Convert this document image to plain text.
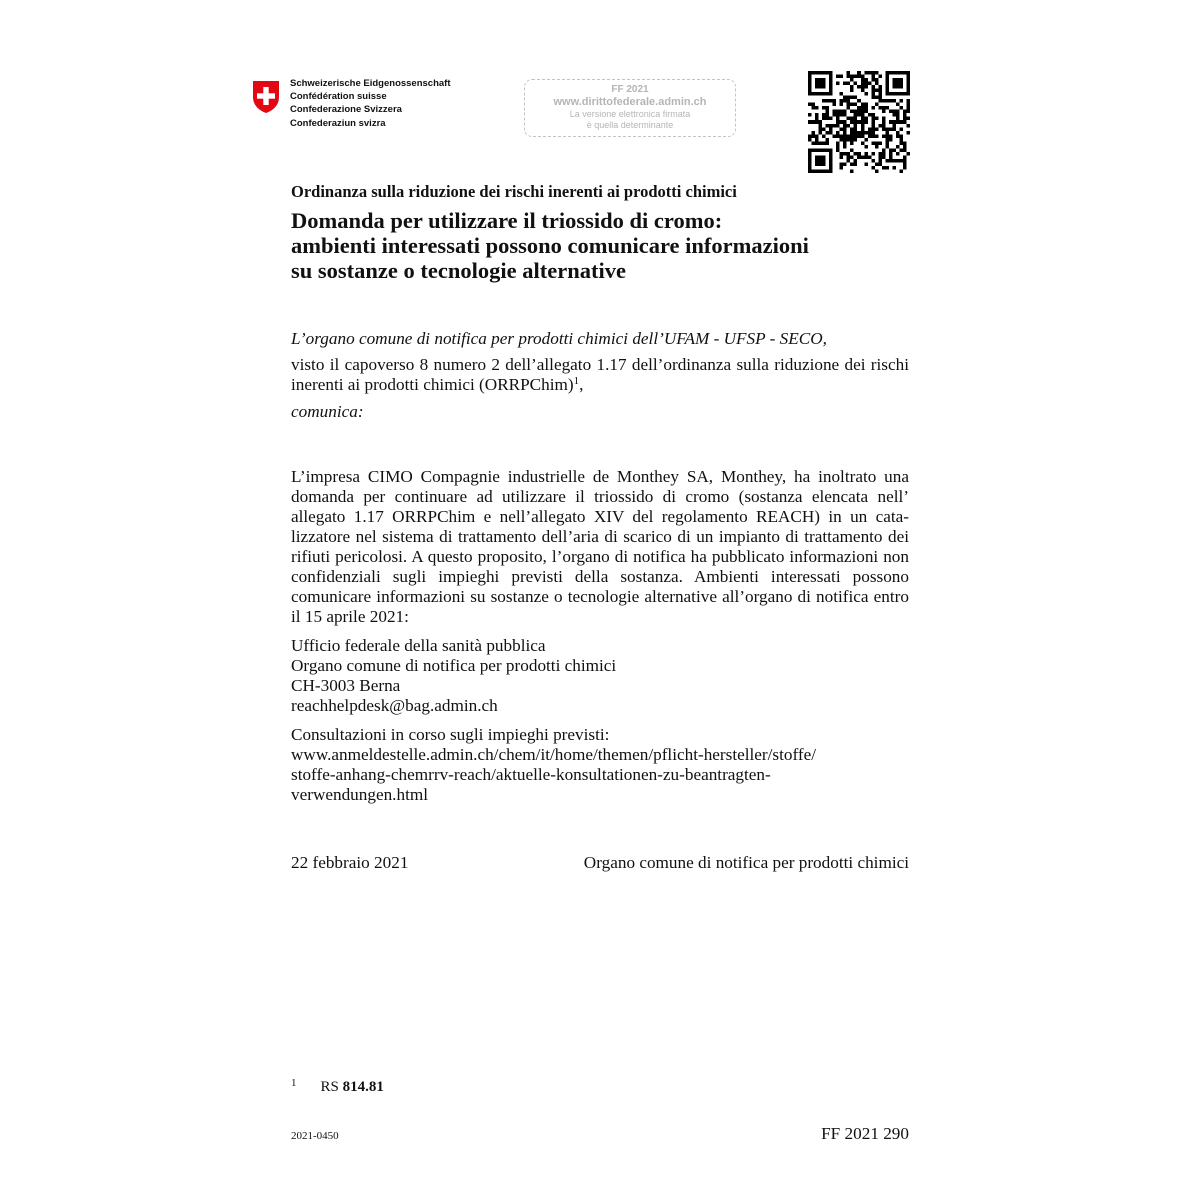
Schweizerische Eidgenossenschaft
Confédération suisse
Confederazione Svizzera
Confederaziun svizra
FF 2021
www.dirittofederale.admin.ch
La versione elettronica firmata
è quella determinante
Ordinanza sulla riduzione dei rischi inerenti ai prodotti chimici
Domanda per utilizzare il triossido di cromo:
ambienti interessati possono comunicare informazioni
su sostanze o tecnologie alternative
L’organo comune di notifica per prodotti chimici dell’UFAM - UFSP - SECO,
visto il capoverso 8 numero 2 dell’allegato 1.17 dell’ordinanza sulla riduzione dei rischi inerenti ai prodotti chimici (ORRPChim)$^1$,
comunica:
L’impresa CIMO Compagnie industrielle de Monthey SA, Monthey, ha inoltrato una domanda per continuare ad utilizzare il triossido di cromo (sostanza elencata nell’ allegato 1.17 ORRPChim e nell’allegato XIV del regolamento REACH) in un catalizzatore nel sistema di trattamento dell’aria di scarico di un impianto di trattamento dei rifiuti pericolosi. A questo proposito, l’organo di notifica ha pubblicato informazioni non confidenziali sugli impieghi previsti della sostanza. Ambienti interessati possono comunicare informazioni su sostanze o tecnologie alternative all’organo di notifica entro il 15 aprile 2021:
Ufficio federale della sanità pubblica
Organo comune di notifica per prodotti chimici
CH-3003 Berna
reachhelpdesk@bag.admin.ch
Consultazioni in corso sugli impieghi previsti:
www.anmeldestelle.admin.ch/chem/it/home/themen/pflicht-hersteller/stoffe/
stoffe-anhang-chemrrv-reach/aktuelle-konsultationen-zu-beantragten-
verwendungen.html
22 febbraio 2021	Organo comune di notifica per prodotti chimici
$^1$ RS 814.81
2021-0450	FF 2021 290
